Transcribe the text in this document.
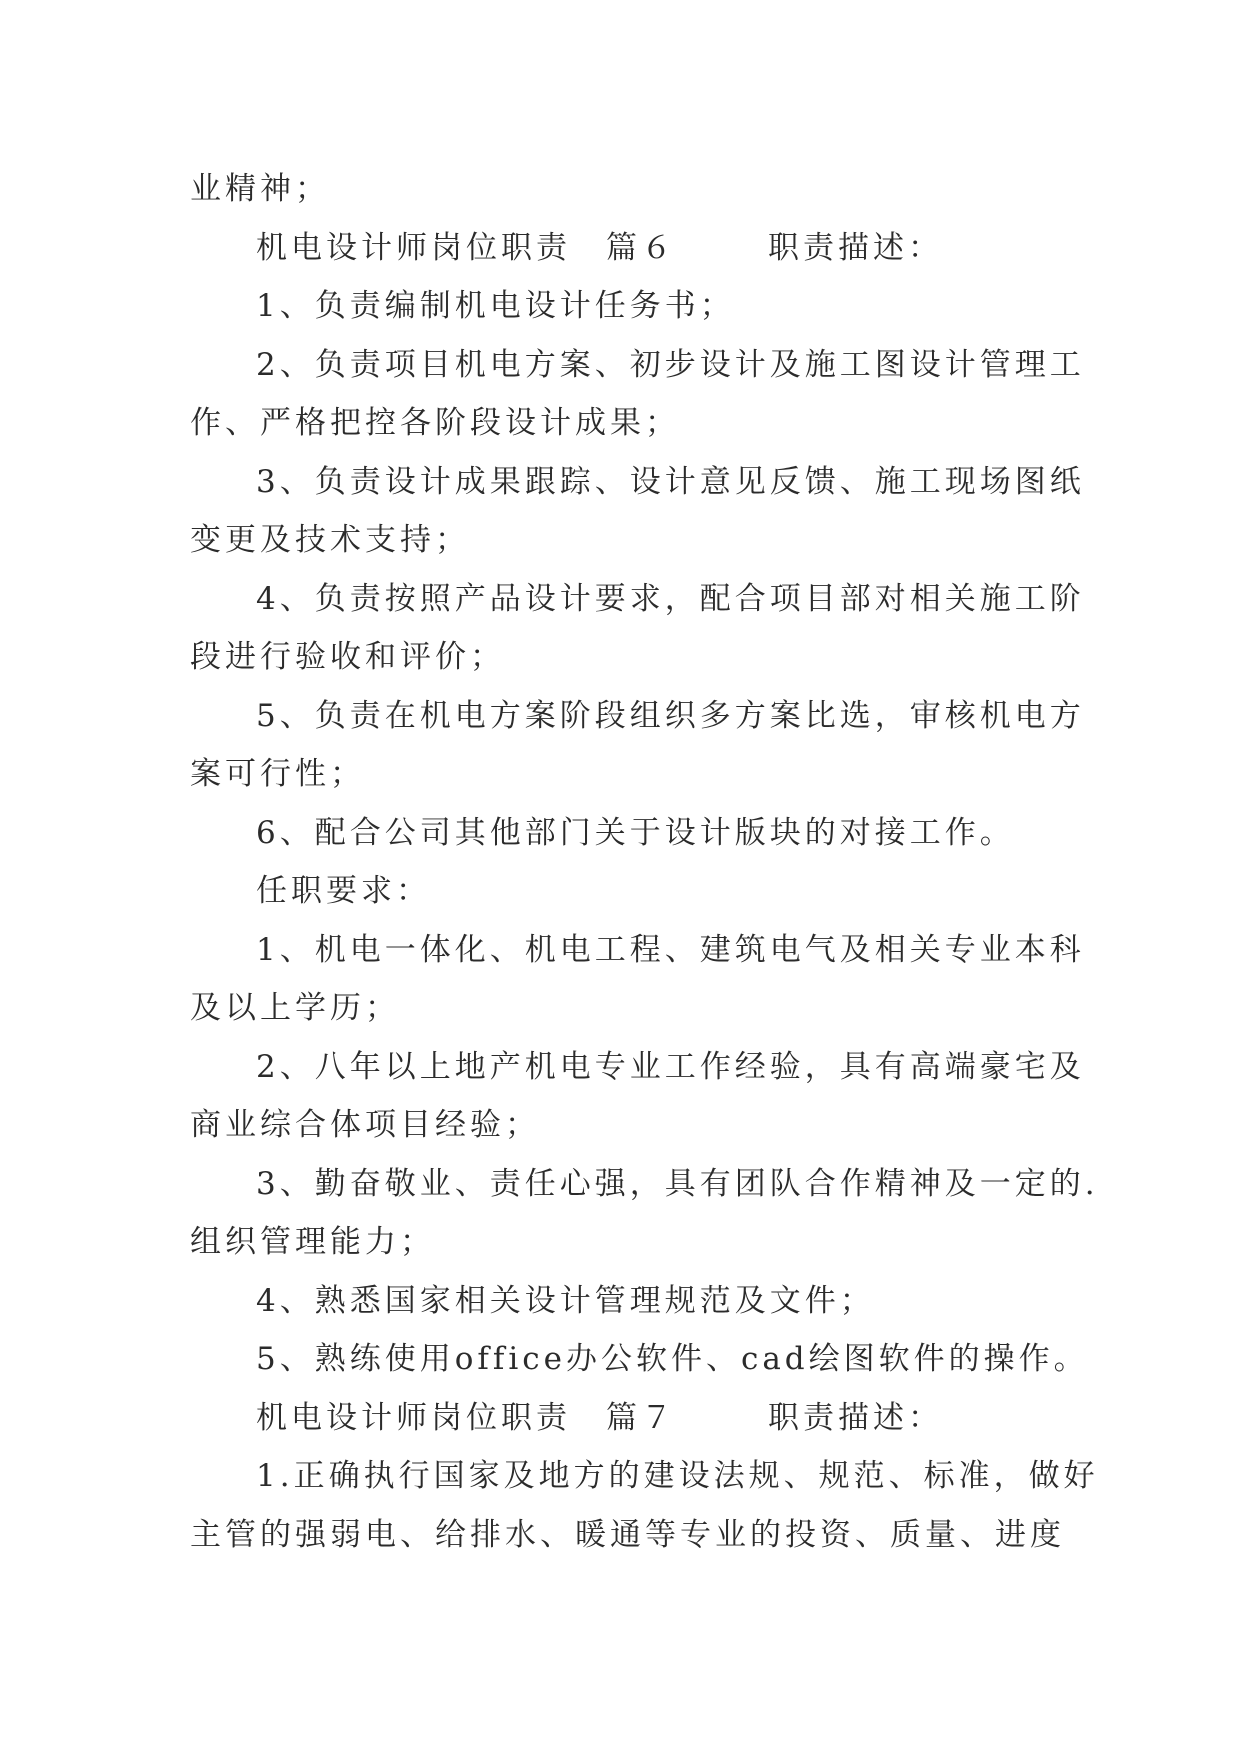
业精神；
机电设计师岗位职责　篇６	职责描述：
1、负责编制机电设计任务书；
2、负责项目机电方案、初步设计及施工图设计管理工
作、严格把控各阶段设计成果；
3、负责设计成果跟踪、设计意见反馈、施工现场图纸
变更及技术支持；
4、负责按照产品设计要求，配合项目部对相关施工阶
段进行验收和评价；
5、负责在机电方案阶段组织多方案比选，审核机电方
案可行性；
6、配合公司其他部门关于设计版块的对接工作。
任职要求：
1、机电一体化、机电工程、建筑电气及相关专业本科
及以上学历；
2、八年以上地产机电专业工作经验，具有高端豪宅及
商业综合体项目经验；
3、勤奋敬业、责任心强，具有团队合作精神及一定的.
组织管理能力；
4、熟悉国家相关设计管理规范及文件；
5、熟练使用office办公软件、cad绘图软件的操作。
机电设计师岗位职责　篇７	职责描述：
1.正确执行国家及地方的建设法规、规范、标准，做好
主管的强弱电、给排水、暖通等专业的投资、质量、进度
